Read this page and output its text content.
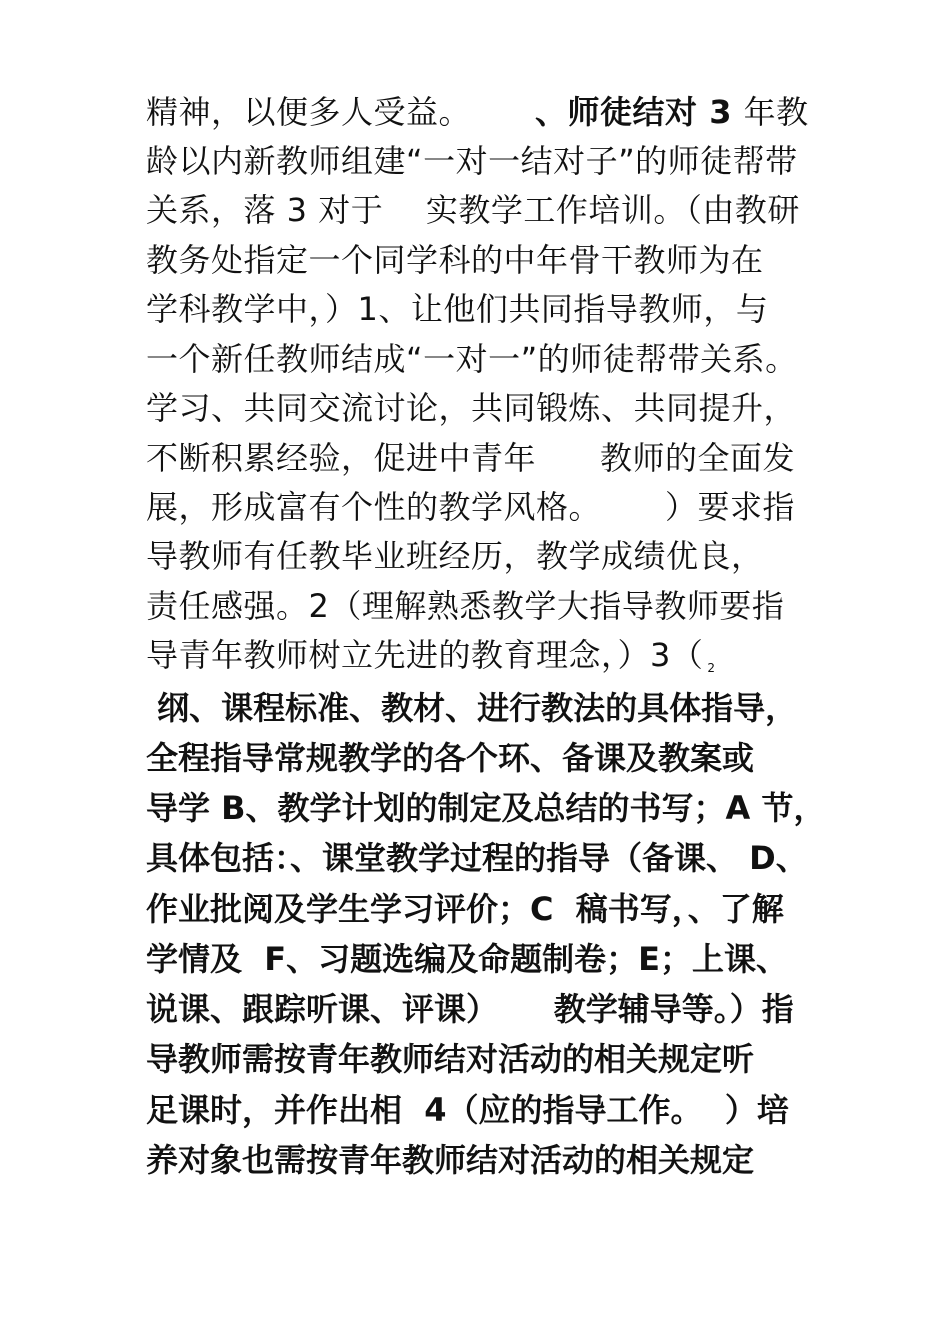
精神，以便多人受益。      、师徒结对 3 年教
龄以内新教师组建“一对一结对子”的师徒帮带
关系，落 3 对于    实教学工作培训。（由教研
教务处指定一个同学科的中年骨干教师为在
学科教学中，）1、让他们共同指导教师，与
一个新任教师结成“一对一”的师徒帮带关系。
学习、共同交流讨论，共同锻炼、共同提升，
不断积累经验，促进中青年      教师的全面发
展，形成富有个性的教学风格。      ）要求指
导教师有任教毕业班经历，教学成绩优良，
责任感强。2（理解熟悉教学大指导教师要指
导青年教师树立先进的教育理念，）3（ $_2$
纲、课程标准、教材、进行教法的具体指导，
全程指导常规教学的各个环、备课及教案或
导学 B、教学计划的制定及总结的书写；A 节，
具体包括：、课堂教学过程的指导（备课、 D、
作业批阅及学生学习评价；C  稿书写，、了解
学情及  F、习题选编及命题制卷；E；上课、
说课、跟踪听课、评课）     教学辅导等。）指
导教师需按青年教师结对活动的相关规定听
足课时，并作出相  4（应的指导工作。  ）培
养对象也需按青年教师结对活动的相关规定
